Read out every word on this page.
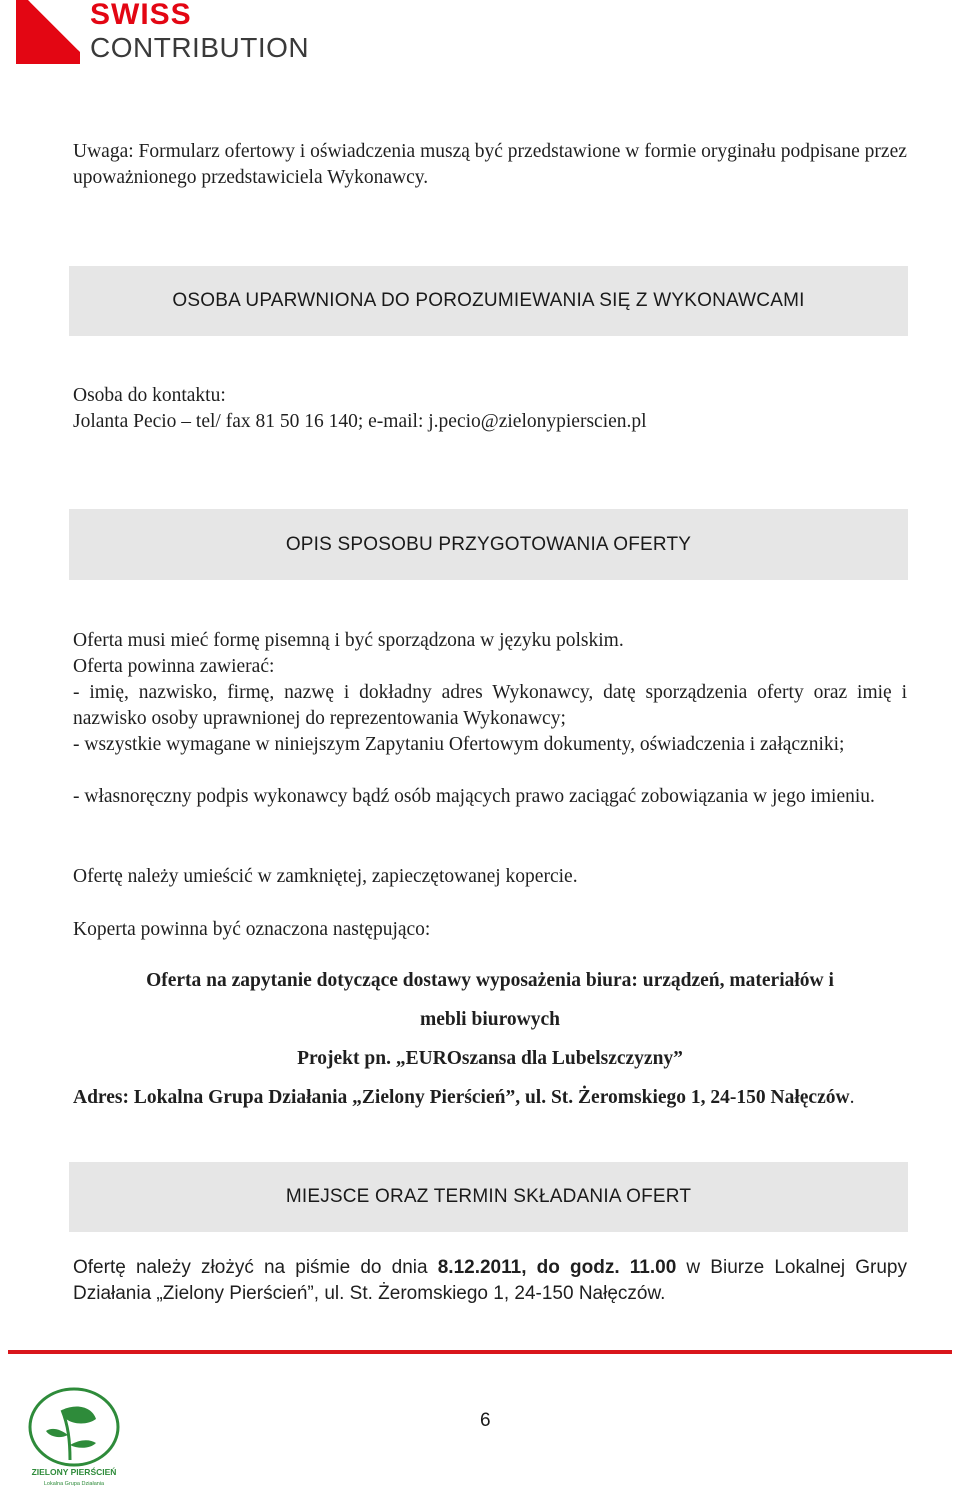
SWISS
CONTRIBUTION
Uwaga: Formularz ofertowy i oświadczenia muszą być przedstawione w formie oryginału podpisane przez upoważnionego przedstawiciela Wykonawcy.
OSOBA UPARWNIONA DO POROZUMIEWANIA SIĘ Z WYKONAWCAMI
Osoba do kontaktu:
Jolanta Pecio – tel/ fax 81 50 16 140; e-mail: j.pecio@zielonypierscien.pl
OPIS SPOSOBU PRZYGOTOWANIA OFERTY
Oferta musi mieć formę pisemną i być sporządzona w języku polskim.
Oferta powinna zawierać:
- imię, nazwisko, firmę, nazwę i dokładny adres Wykonawcy, datę sporządzenia oferty oraz imię i nazwisko osoby uprawnionej do reprezentowania Wykonawcy;
- wszystkie wymagane w niniejszym Zapytaniu Ofertowym dokumenty, oświadczenia i załączniki;
- własnoręczny podpis wykonawcy bądź osób mających prawo zaciągać zobowiązania w jego imieniu.
Ofertę należy umieścić w zamkniętej, zapieczętowanej kopercie.
Koperta powinna być oznaczona następująco:
Oferta na zapytanie dotyczące dostawy wyposażenia biura: urządzeń, materiałów i
mebli biurowych
Projekt pn. „EUROszansa dla Lubelszczyzny”
Adres: Lokalna Grupa Działania „Zielony Pierścień”, ul. St. Żeromskiego 1, 24-150 Nałęczów.
MIEJSCE ORAZ TERMIN SKŁADANIA OFERT
Ofertę należy złożyć na piśmie do dnia 8.12.2011, do godz. 11.00 w Biurze Lokalnej Grupy Działania „Zielony Pierścień”, ul. St. Żeromskiego 1, 24-150 Nałęczów.
ZIELONY PIERŚCIEŃ
Lokalna Grupa Działania
6
